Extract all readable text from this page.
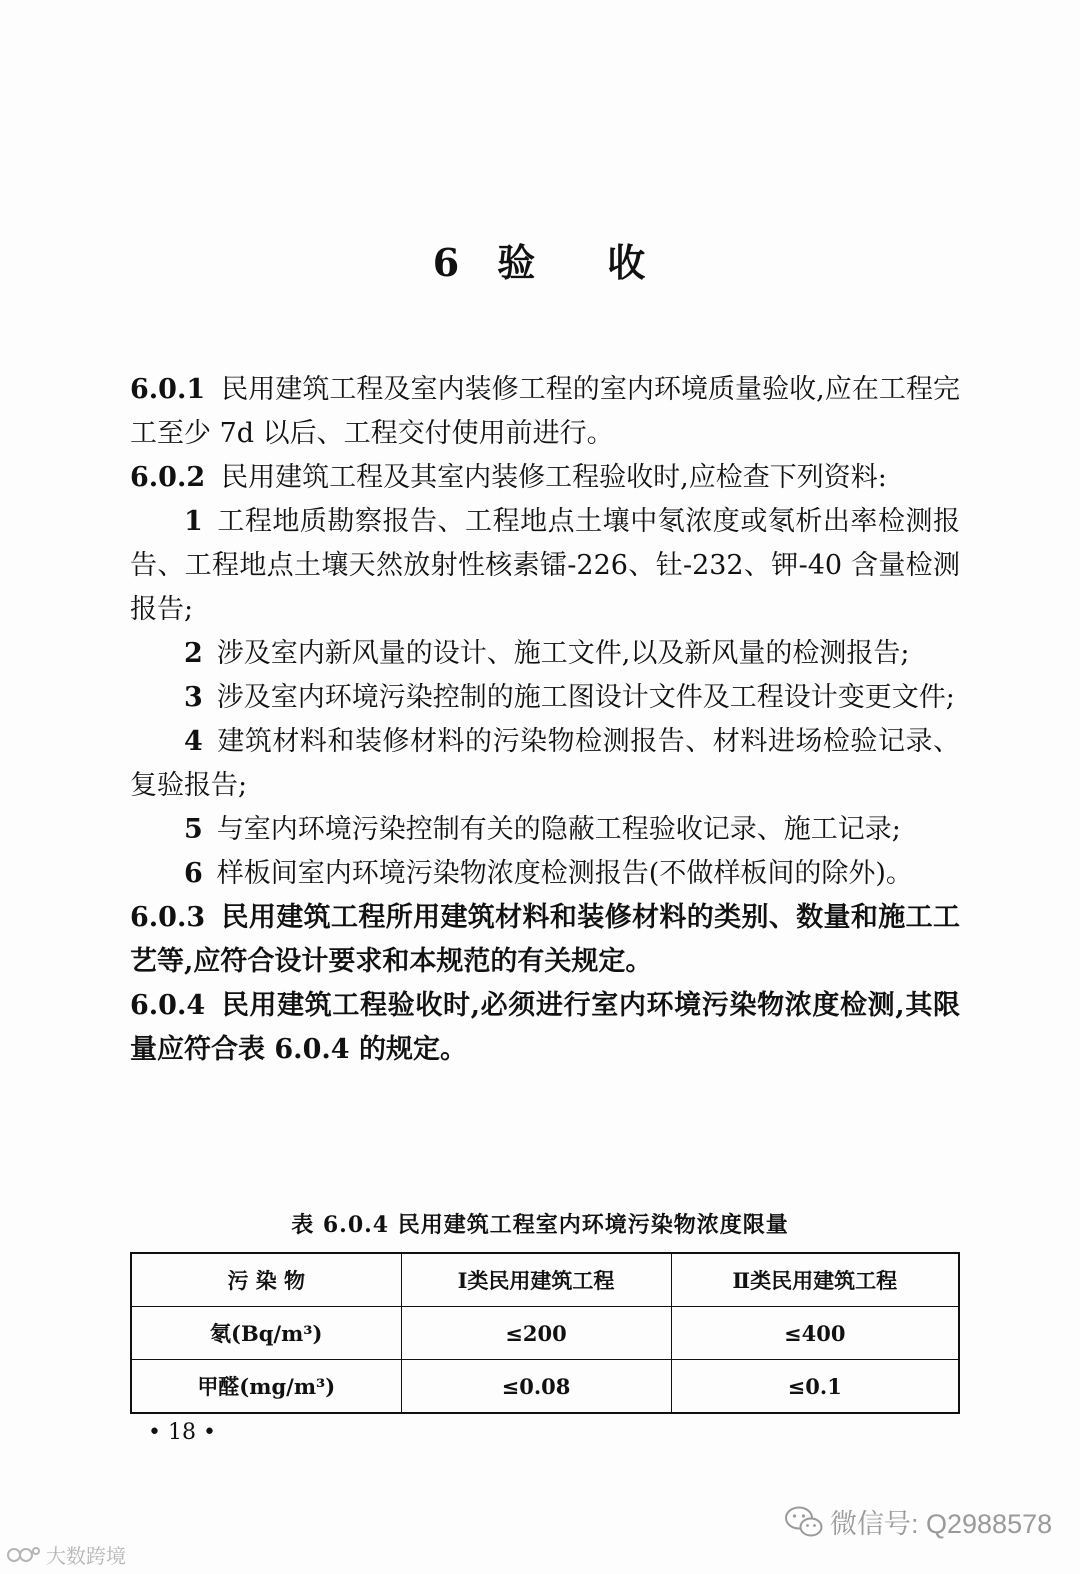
6 验 收

6.0.1 民用建筑工程及室内装修工程的室内环境质量验收,应在工程完工至少 7d 以后、工程交付使用前进行。

6.0.2 民用建筑工程及其室内装修工程验收时,应检查下列资料:

1 工程地质勘察报告、工程地点土壤中氡浓度或氡析出率检测报告、工程地点土壤天然放射性核素镭-226、钍-232、钾-40 含量检测报告;

2 涉及室内新风量的设计、施工文件,以及新风量的检测报告;

3 涉及室内环境污染控制的施工图设计文件及工程设计变更文件;

4 建筑材料和装修材料的污染物检测报告、材料进场检验记录、复验报告;

5 与室内环境污染控制有关的隐蔽工程验收记录、施工记录;

6 样板间室内环境污染物浓度检测报告(不做样板间的除外)。

6.0.3 民用建筑工程所用建筑材料和装修材料的类别、数量和施工工艺等,应符合设计要求和本规范的有关规定。

6.0.4 民用建筑工程验收时,必须进行室内环境污染物浓度检测,其限量应符合表 6.0.4 的规定。

表 6.0.4 民用建筑工程室内环境污染物浓度限量
污 染 物	Ⅰ类民用建筑工程	Ⅱ类民用建筑工程
氡(Bq/m³)	≤200	≤400
甲醛(mg/m³)	≤0.08	≤0.1
• 18 •
微信号: Q2988578
大数跨境
